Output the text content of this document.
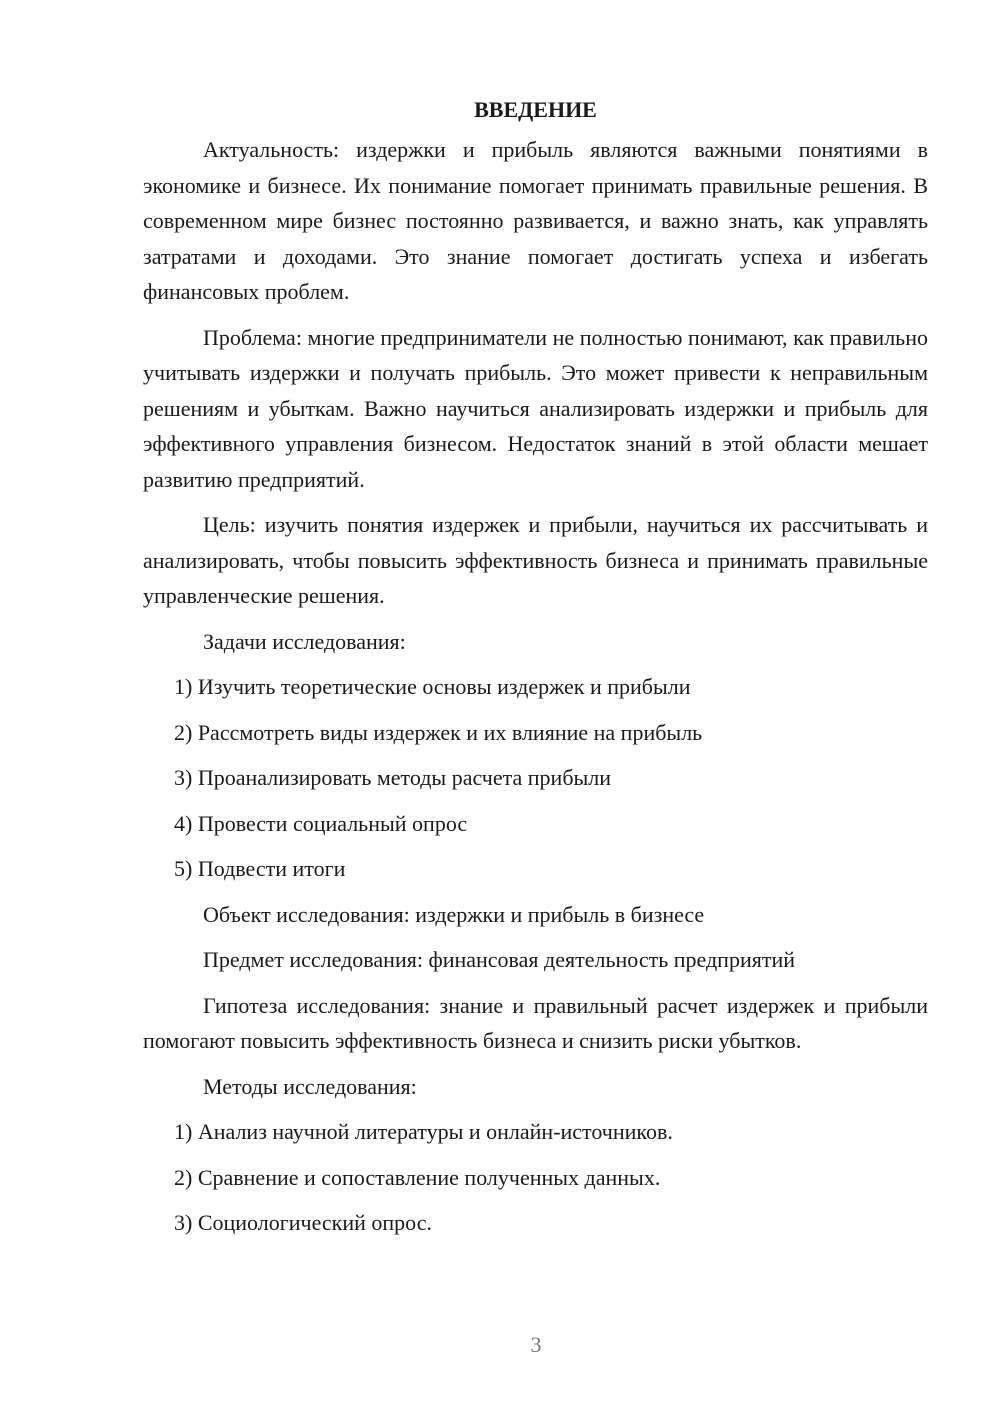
ВВЕДЕНИЕ

Актуальность: издержки и прибыль являются важными понятиями в экономике и бизнесе. Их понимание помогает принимать правильные решения. В современном мире бизнес постоянно развивается, и важно знать, как управлять затратами и доходами. Это знание помогает достигать успеха и избегать финансовых проблем.

Проблема: многие предприниматели не полностью понимают, как правильно учитывать издержки и получать прибыль. Это может привести к неправильным решениям и убыткам. Важно научиться анализировать издержки и прибыль для эффективного управления бизнесом. Недостаток знаний в этой области мешает развитию предприятий.

Цель: изучить понятия издержек и прибыли, научиться их рассчитывать и анализировать, чтобы повысить эффективность бизнеса и принимать правильные управленческие решения.

Задачи исследования:

1) Изучить теоретические основы издержек и прибыли
2) Рассмотреть виды издержек и их влияние на прибыль
3) Проанализировать методы расчета прибыли
4) Провести социальный опрос
5) Подвести итоги

Объект исследования: издержки и прибыль в бизнесе

Предмет исследования: финансовая деятельность предприятий

Гипотеза исследования: знание и правильный расчет издержек и прибыли помогают повысить эффективность бизнеса и снизить риски убытков.

Методы исследования:

1) Анализ научной литературы и онлайн-источников.
2) Сравнение и сопоставление полученных данных.
3) Социологический опрос.
3
